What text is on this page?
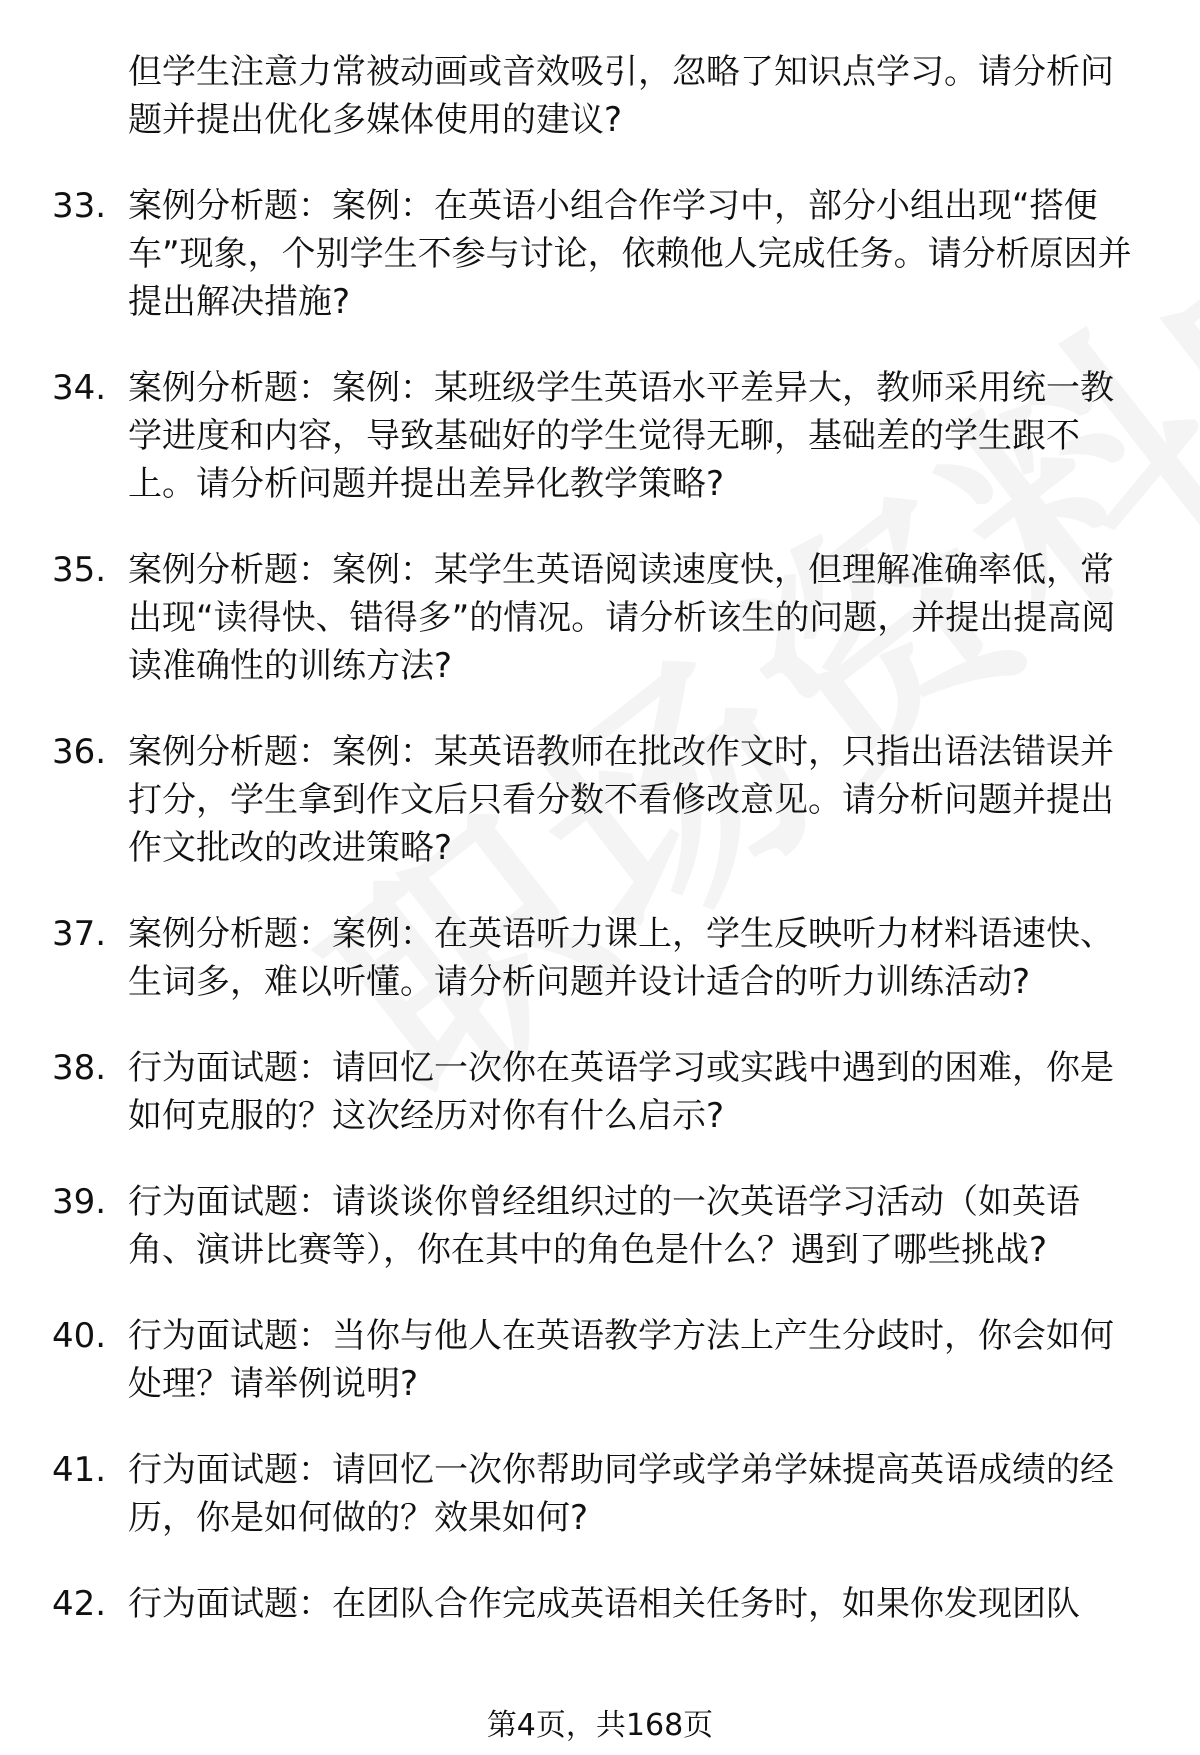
但学生注意力常被动画或音效吸引，忽略了知识点学习。请分析问题并提出优化多媒体使用的建议?
33. 案例分析题：案例：在英语小组合作学习中，部分小组出现“搭便车”现象，个别学生不参与讨论，依赖他人完成任务。请分析原因并提出解决措施?
34. 案例分析题：案例：某班级学生英语水平差异大，教师采用统一教学进度和内容，导致基础好的学生觉得无聊，基础差的学生跟不上。请分析问题并提出差异化教学策略?
35. 案例分析题：案例：某学生英语阅读速度快，但理解准确率低，常出现“读得快、错得多”的情况。请分析该生的问题，并提出提高阅读准确性的训练方法?
36. 案例分析题：案例：某英语教师在批改作文时，只指出语法错误并打分，学生拿到作文后只看分数不看修改意见。请分析问题并提出作文批改的改进策略?
37. 案例分析题：案例：在英语听力课上，学生反映听力材料语速快、生词多，难以听懂。请分析问题并设计适合的听力训练活动?
38. 行为面试题：请回忆一次你在英语学习或实践中遇到的困难，你是如何克服的？这次经历对你有什么启示?
39. 行为面试题：请谈谈你曾经组织过的一次英语学习活动（如英语角、演讲比赛等），你在其中的角色是什么？遇到了哪些挑战?
40. 行为面试题：当你与他人在英语教学方法上产生分歧时，你会如何处理？请举例说明?
41. 行为面试题：请回忆一次你帮助同学或学弟学妹提高英语成绩的经历，你是如何做的？效果如何?
42. 行为面试题：在团队合作完成英语相关任务时，如果你发现团队
第4页，共168页
